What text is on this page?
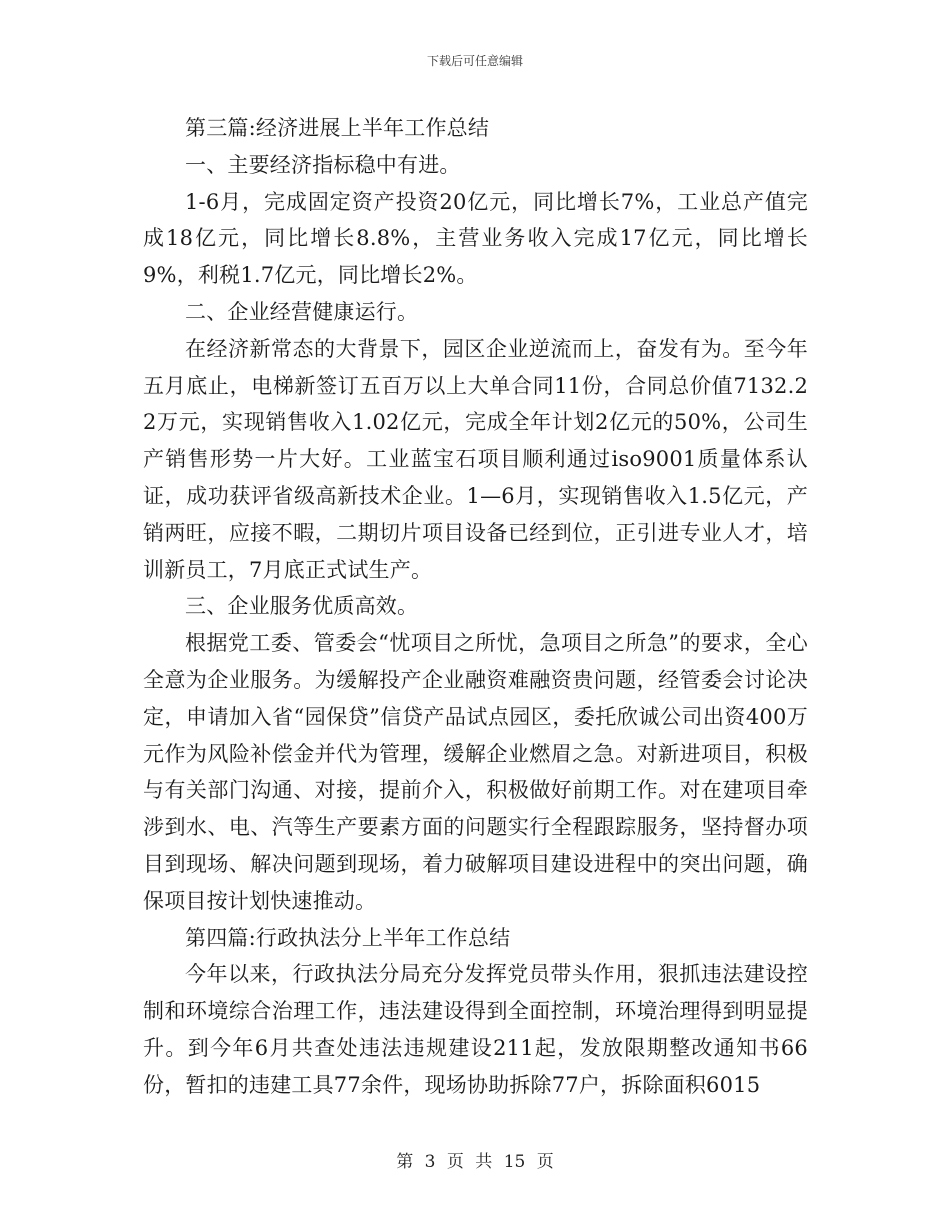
下载后可任意编辑

第三篇:经济进展上半年工作总结

一、主要经济指标稳中有进。

1-6月，完成固定资产投资20亿元，同比增长7%，工业总产值完成18亿元，同比增长8.8%，主营业务收入完成17亿元，同比增长9%，利税1.7亿元，同比增长2%。

二、企业经营健康运行。

在经济新常态的大背景下，园区企业逆流而上，奋发有为。至今年五月底止，电梯新签订五百万以上大单合同11份，合同总价值7132.22万元，实现销售收入1.02亿元，完成全年计划2亿元的50%，公司生产销售形势一片大好。工业蓝宝石项目顺利通过iso9001质量体系认证，成功获评省级高新技术企业。1—6月，实现销售收入1.5亿元，产销两旺，应接不暇，二期切片项目设备已经到位，正引进专业人才，培训新员工，7月底正式试生产。

三、企业服务优质高效。

根据党工委、管委会“忧项目之所忧，急项目之所急”的要求，全心全意为企业服务。为缓解投产企业融资难融资贵问题，经管委会讨论决定，申请加入省“园保贷”信贷产品试点园区，委托欣诚公司出资400万元作为风险补偿金并代为管理，缓解企业燃眉之急。对新进项目，积极与有关部门沟通、对接，提前介入，积极做好前期工作。对在建项目牵涉到水、电、汽等生产要素方面的问题实行全程跟踪服务，坚持督办项目到现场、解决问题到现场，着力破解项目建设进程中的突出问题，确保项目按计划快速推动。

第四篇:行政执法分上半年工作总结

今年以来，行政执法分局充分发挥党员带头作用，狠抓违法建设控制和环境综合治理工作，违法建设得到全面控制，环境治理得到明显提升。到今年6月共查处违法违规建设211起，发放限期整改通知书66份，暂扣的违建工具77余件，现场协助拆除77户，拆除面积6015

第 3 页 共 15 页
